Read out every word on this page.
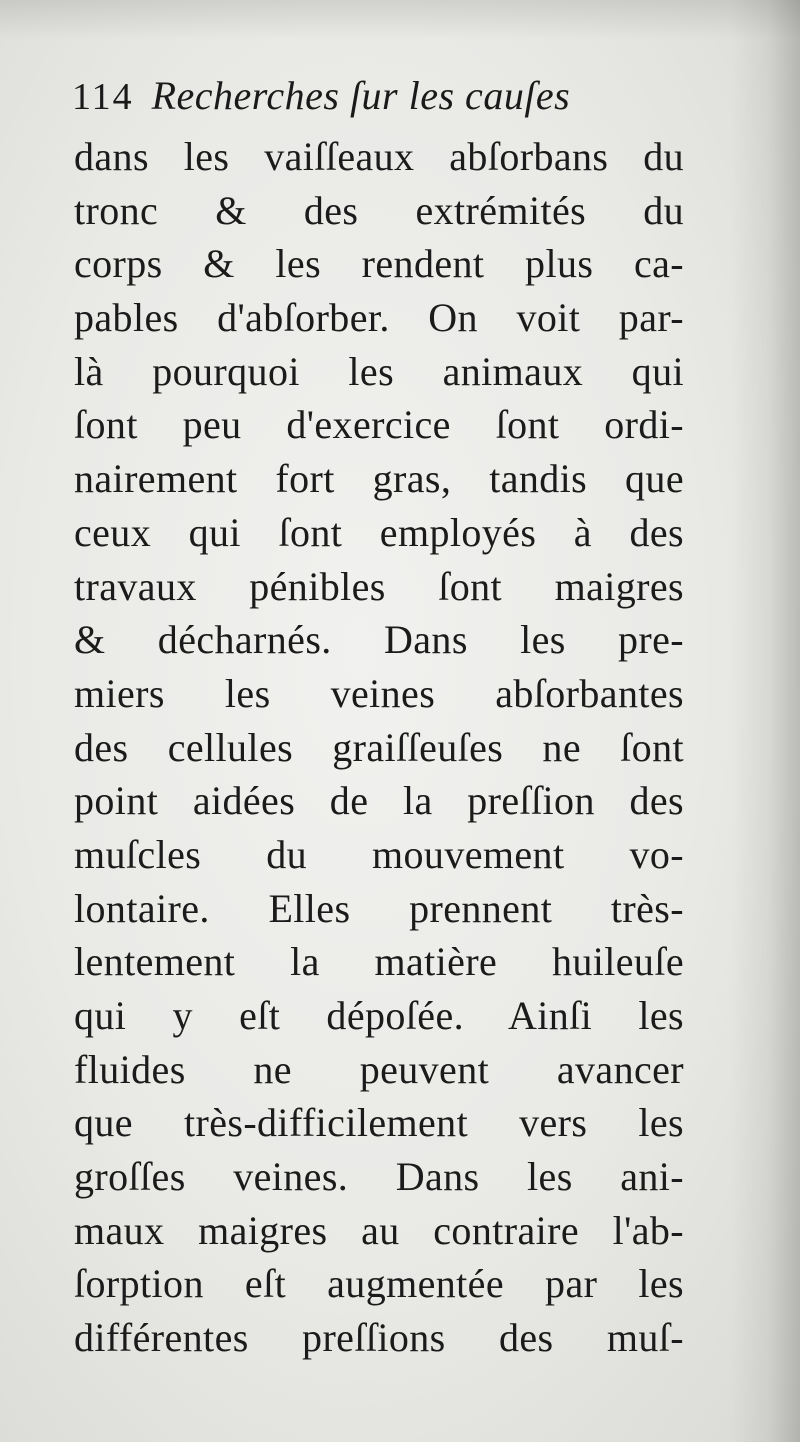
114 Recherches ſur les cauſes
dans les vaiſſeaux abſorbans du
tronc & des extrémités du
corps & les rendent plus ca-
pables d'abſorber. On voit par-
là pourquoi les animaux qui
ſont peu d'exercice ſont ordi-
nairement fort gras, tandis que
ceux qui ſont employés à des
travaux pénibles ſont maigres
& décharnés. Dans les pre-
miers les veines abſorbantes
des cellules graiſſeuſes ne ſont
point aidées de la preſſion des
muſcles du mouvement vo-
lontaire. Elles prennent très-
lentement la matière huileuſe
qui y eſt dépoſée. Ainſi les
fluides ne peuvent avancer
que très-difficilement vers les
groſſes veines. Dans les ani-
maux maigres au contraire l'ab-
ſorption eſt augmentée par les
différentes preſſions des muſ-
